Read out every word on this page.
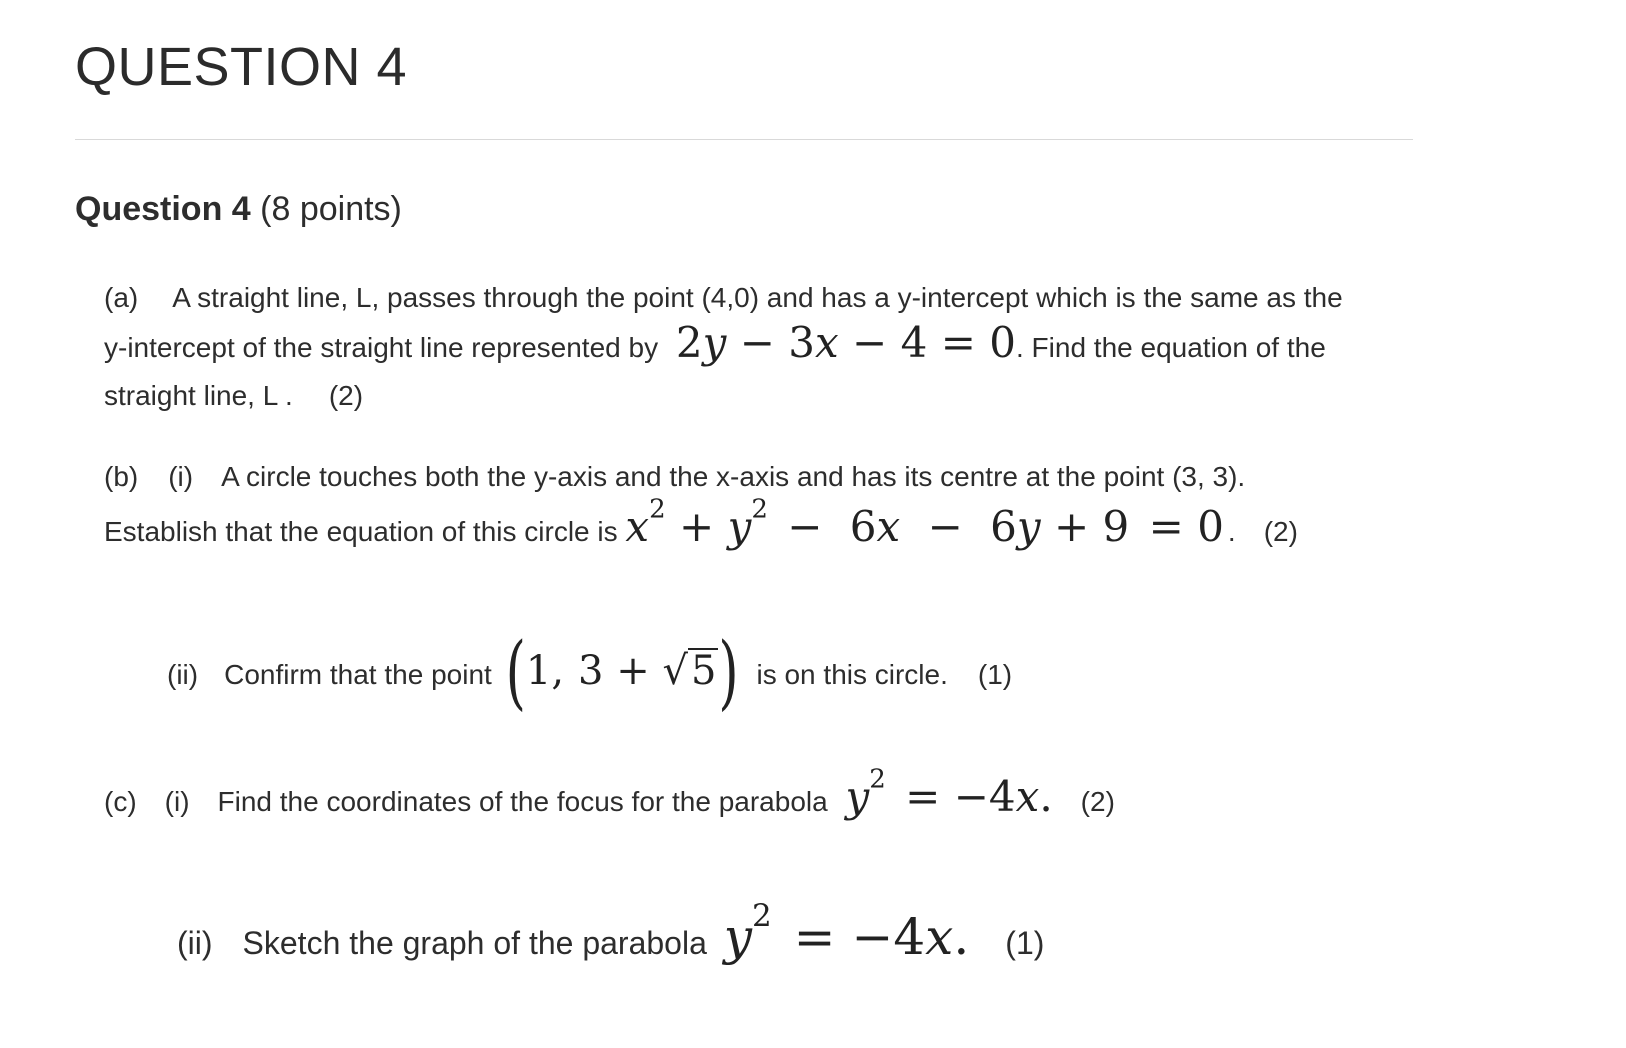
QUESTION 4
Question 4 (8 points)
(a) A straight line, L, passes through the point (4,0) and has a y-intercept which is the same as the
y-intercept of the straight line represented by 2y − 3x − 4 = 0. Find the equation of the
straight line, L . (2)
(b) (i) A circle touches both the y-axis and the x-axis and has its centre at the point (3, 3).
Establish that the equation of this circle is $x^2 + y^2 - 6x - 6y + 9 = 0$ . (2)
(ii) Confirm that the point (1, 3 + √5) is on this circle. (1)
(c) (i) Find the coordinates of the focus for the parabola $y^2 = -4x$. (2)
(ii) Sketch the graph of the parabola $y^2 = -4x$. (1)
